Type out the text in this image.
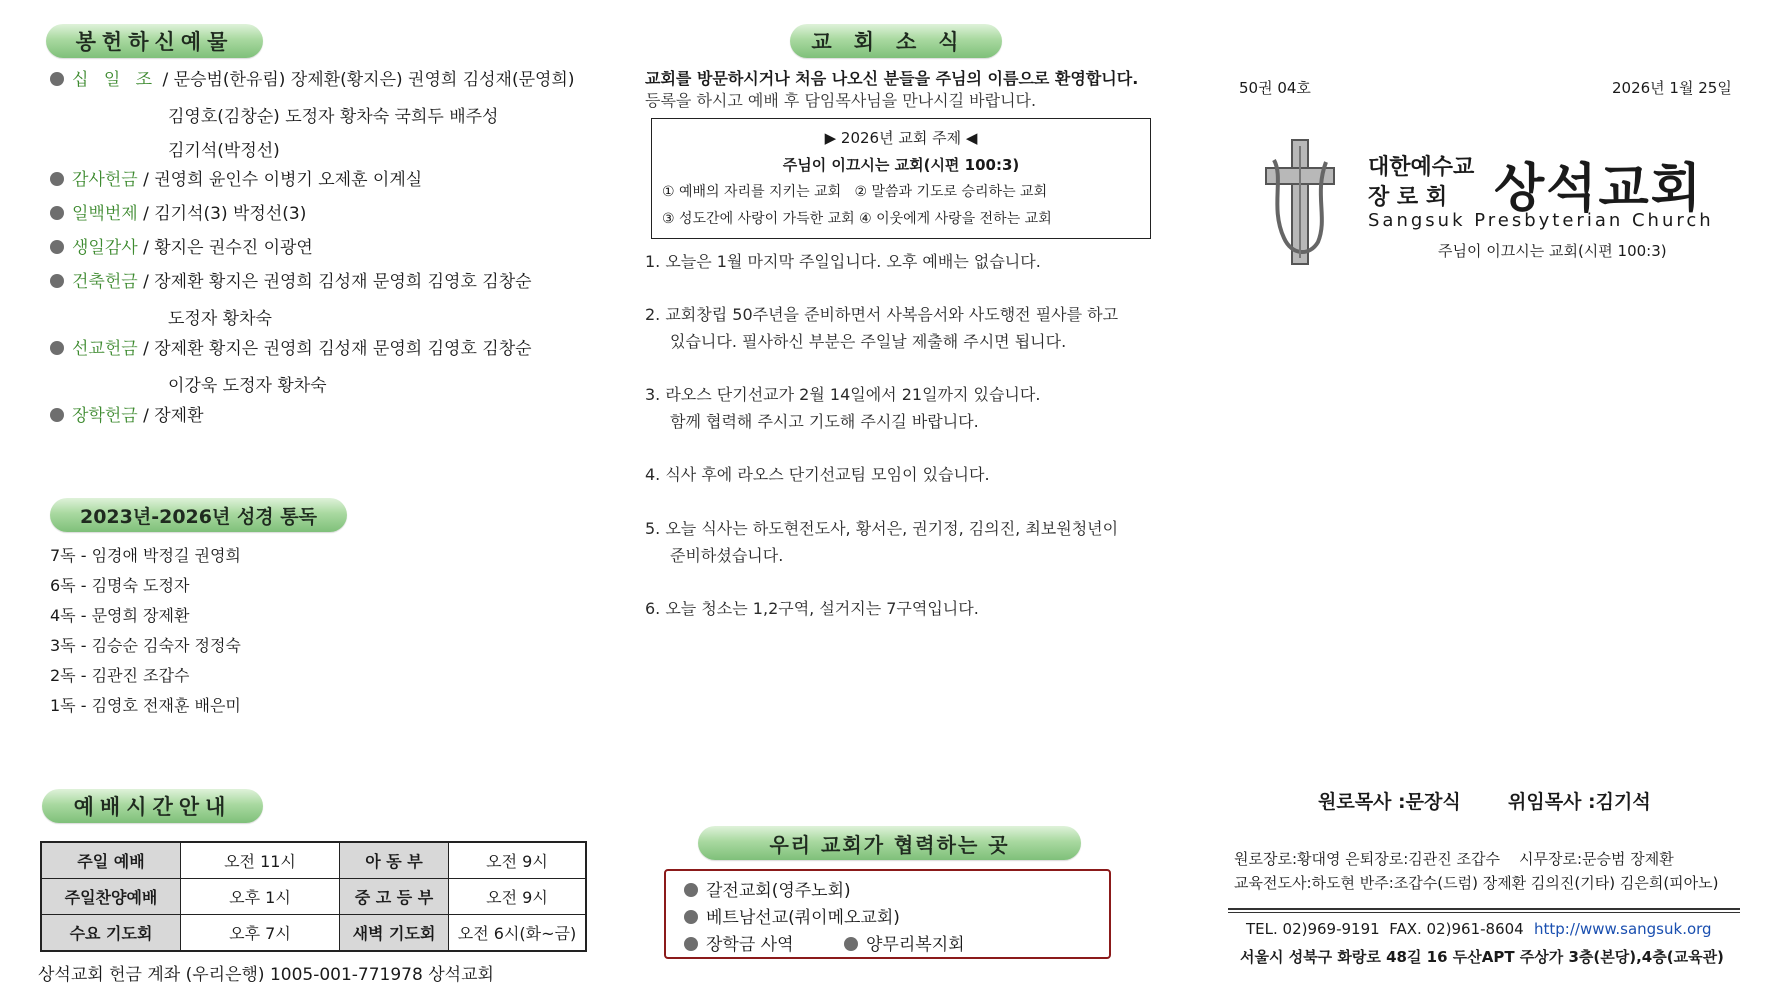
봉헌하신예물
십 일 조 / 문승범(한유림) 장제환(황지은) 권영희 김성재(문영희)
김영호(김창순) 도정자 황차숙 국희두 배주성
김기석(박정선)
감사헌금 / 권영희 윤인수 이병기 오제훈 이계실
일백번제 / 김기석(3) 박정선(3)
생일감사 / 황지은 권수진 이광연
건축헌금 / 장제환 황지은 권영희 김성재 문영희 김영호 김창순
도정자 황차숙
선교헌금 / 장제환 황지은 권영희 김성재 문영희 김영호 김창순
이강욱 도정자 황차숙
장학헌금 / 장제환
2023년-2026년 성경 통독
7독 - 임경애 박정길 권영희
6독 - 김명숙 도정자
4독 - 문영희 장제환
3독 - 김승순 김숙자 정정숙
2독 - 김관진 조갑수
1독 - 김영호 전재훈 배은미
예배시간안내
주일 예배	오전 11시	아 동 부	오전 9시
주일찬양예배	오후 1시	중 고 등 부	오전 9시
수요 기도회	오후 7시	새벽 기도회	오전 6시(화~금)
상석교회 헌금 계좌 (우리은행) 1005-001-771978 상석교회
교회소식
교회를 방문하시거나 처음 나오신 분들을 주님의 이름으로 환영합니다.
등록을 하시고 예배 후 담임목사님을 만나시길 바랍니다.
▶ 2026년 교회 주제 ◀
주님이 이끄시는 교회(시편 100:3)
① 예배의 자리를 지키는 교회   ② 말씀과 기도로 승리하는 교회
③ 성도간에 사랑이 가득한 교회 ④ 이웃에게 사랑을 전하는 교회
1. 오늘은 1월 마지막 주일입니다. 오후 예배는 없습니다.
2. 교회창립 50주년을 준비하면서 사복음서와 사도행전 필사를 하고
있습니다. 필사하신 부분은 주일날 제출해 주시면 됩니다.
3. 라오스 단기선교가 2월 14일에서 21일까지 있습니다.
함께 협력해 주시고 기도해 주시길 바랍니다.
4. 식사 후에 라오스 단기선교팀 모임이 있습니다.
5. 오늘 식사는 하도현전도사, 황서은, 권기정, 김의진, 최보원청년이
준비하셨습니다.
6. 오늘 청소는 1,2구역, 설거지는 7구역입니다.
우리 교회가 협력하는 곳
갈전교회(영주노회)
베트남선교(쿼이메오교회)
장학금 사역	양무리복지회
50권 04호	2026년 1월 25일
대한예수교
장 로 회 상석교회
Sangsuk Presbyterian Church
주님이 이끄시는 교회(시편 100:3)
원로목사 :문장식 위임목사 :김기석
원로장로:황대영 은퇴장로:김관진 조갑수    시무장로:문승범 장제환
교육전도사:하도현 반주:조갑수(드럼) 장제환 김의진(기타) 김은희(피아노)
TEL. 02)969-9191  FAX. 02)961-8604 http://www.sangsuk.org
서울시 성북구 화랑로 48길 16 두산APT 주상가 3층(본당),4층(교육관)
